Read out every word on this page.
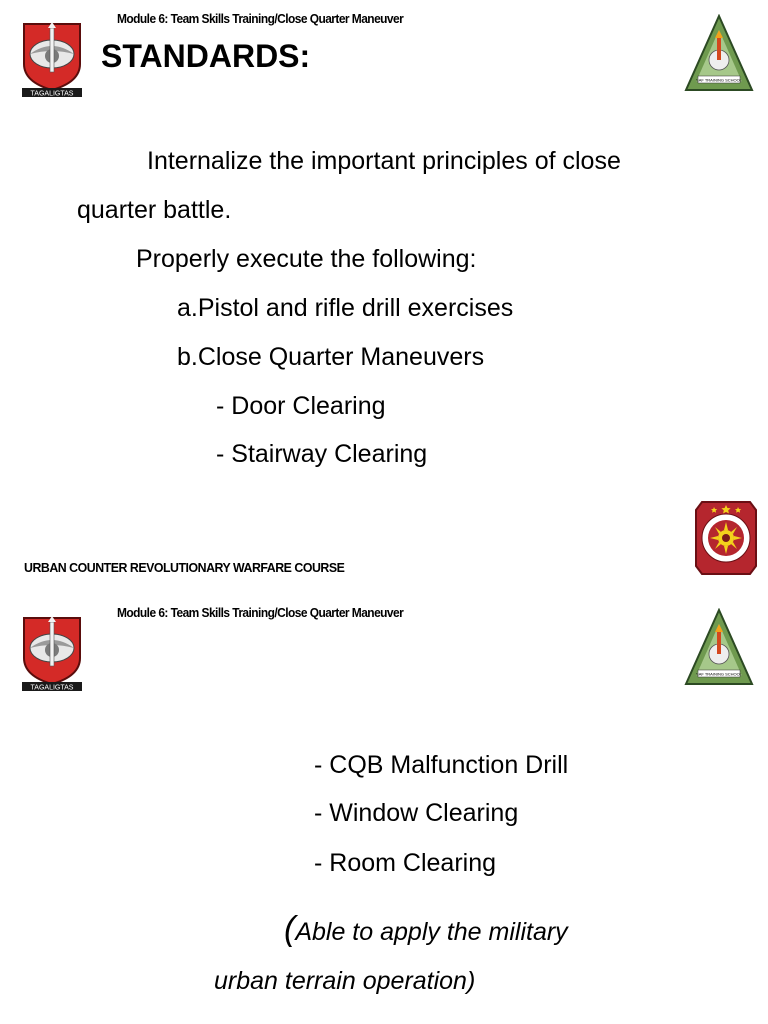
TAGALIGTAS
Module 6: Team Skills Training/Close Quarter Maneuver
STANDARDS:
SAF TRAINING SCHOOL
Internalize the important principles of close
quarter battle.
Properly execute the following:
a.Pistol and rifle drill exercises
b.Close Quarter Maneuvers
- Door Clearing
- Stairway Clearing
URBAN COUNTER REVOLUTIONARY WARFARE COURSE
TAGALIGTAS
Module 6: Team Skills Training/Close Quarter Maneuver
SAF TRAINING SCHOOL
- CQB Malfunction Drill
- Window Clearing
- Room Clearing
(Able to apply the military
urban terrain operation)
